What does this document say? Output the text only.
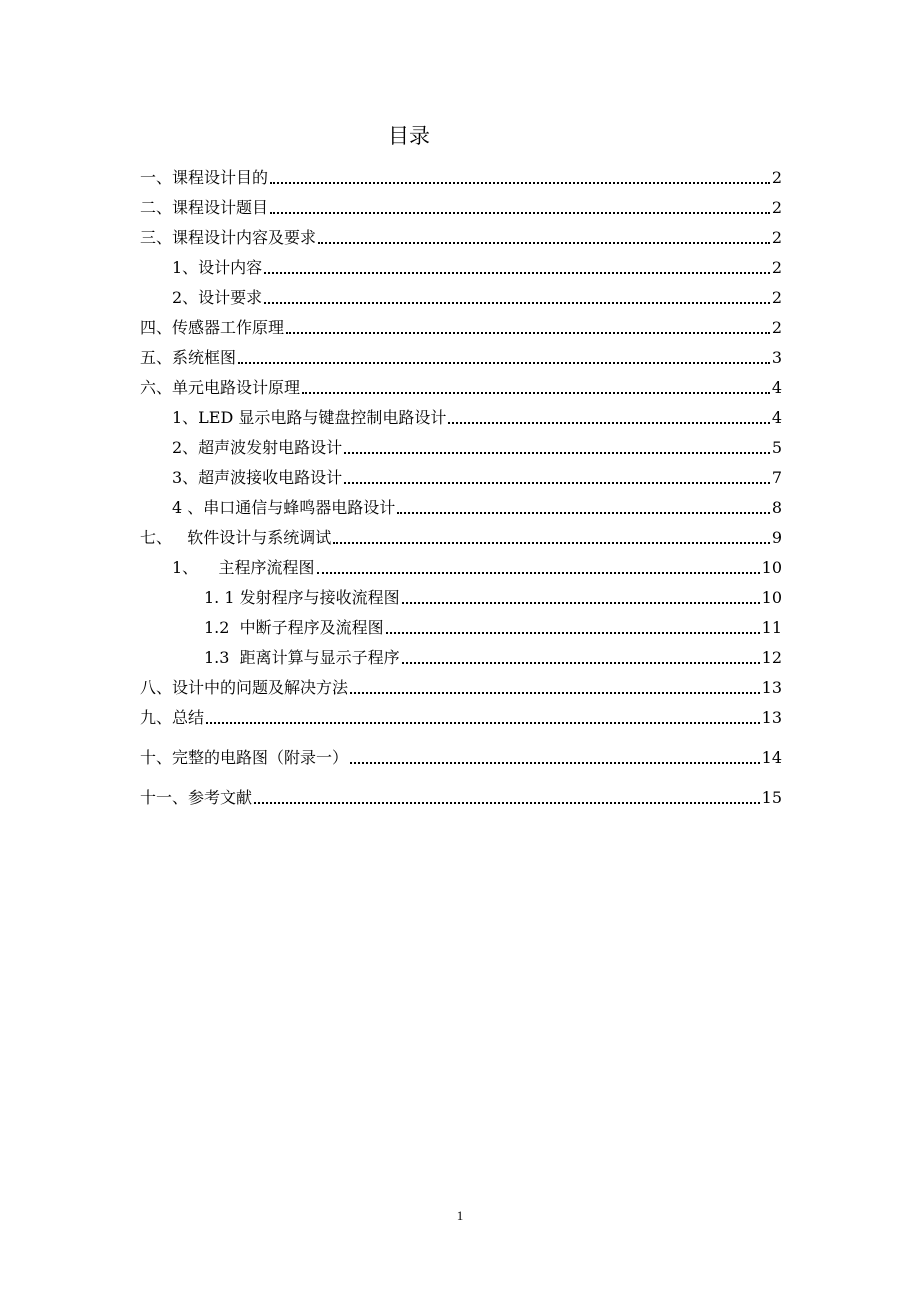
目录
一、课程设计目的	2
二、课程设计题目	2
三、课程设计内容及要求	2
1、设计内容	2
2、设计要求	2
四、传感器工作原理	2
五、系统框图	3
六、单元电路设计原理	4
1、LED 显示电路与键盘控制电路设计	4
2、超声波发射电路设计	5
3、超声波接收电路设计	7
4 、串口通信与蜂鸣器电路设计	8
七、   软件设计与系统调试	9
1、    主程序流程图	10
1. 1 发射程序与接收流程图	10
1.2  中断子程序及流程图	11
1.3  距离计算与显示子程序	12
八、设计中的问题及解决方法	13
九、总结	13
十、完整的电路图（附录一）	14
十一、参考文献	15
1
